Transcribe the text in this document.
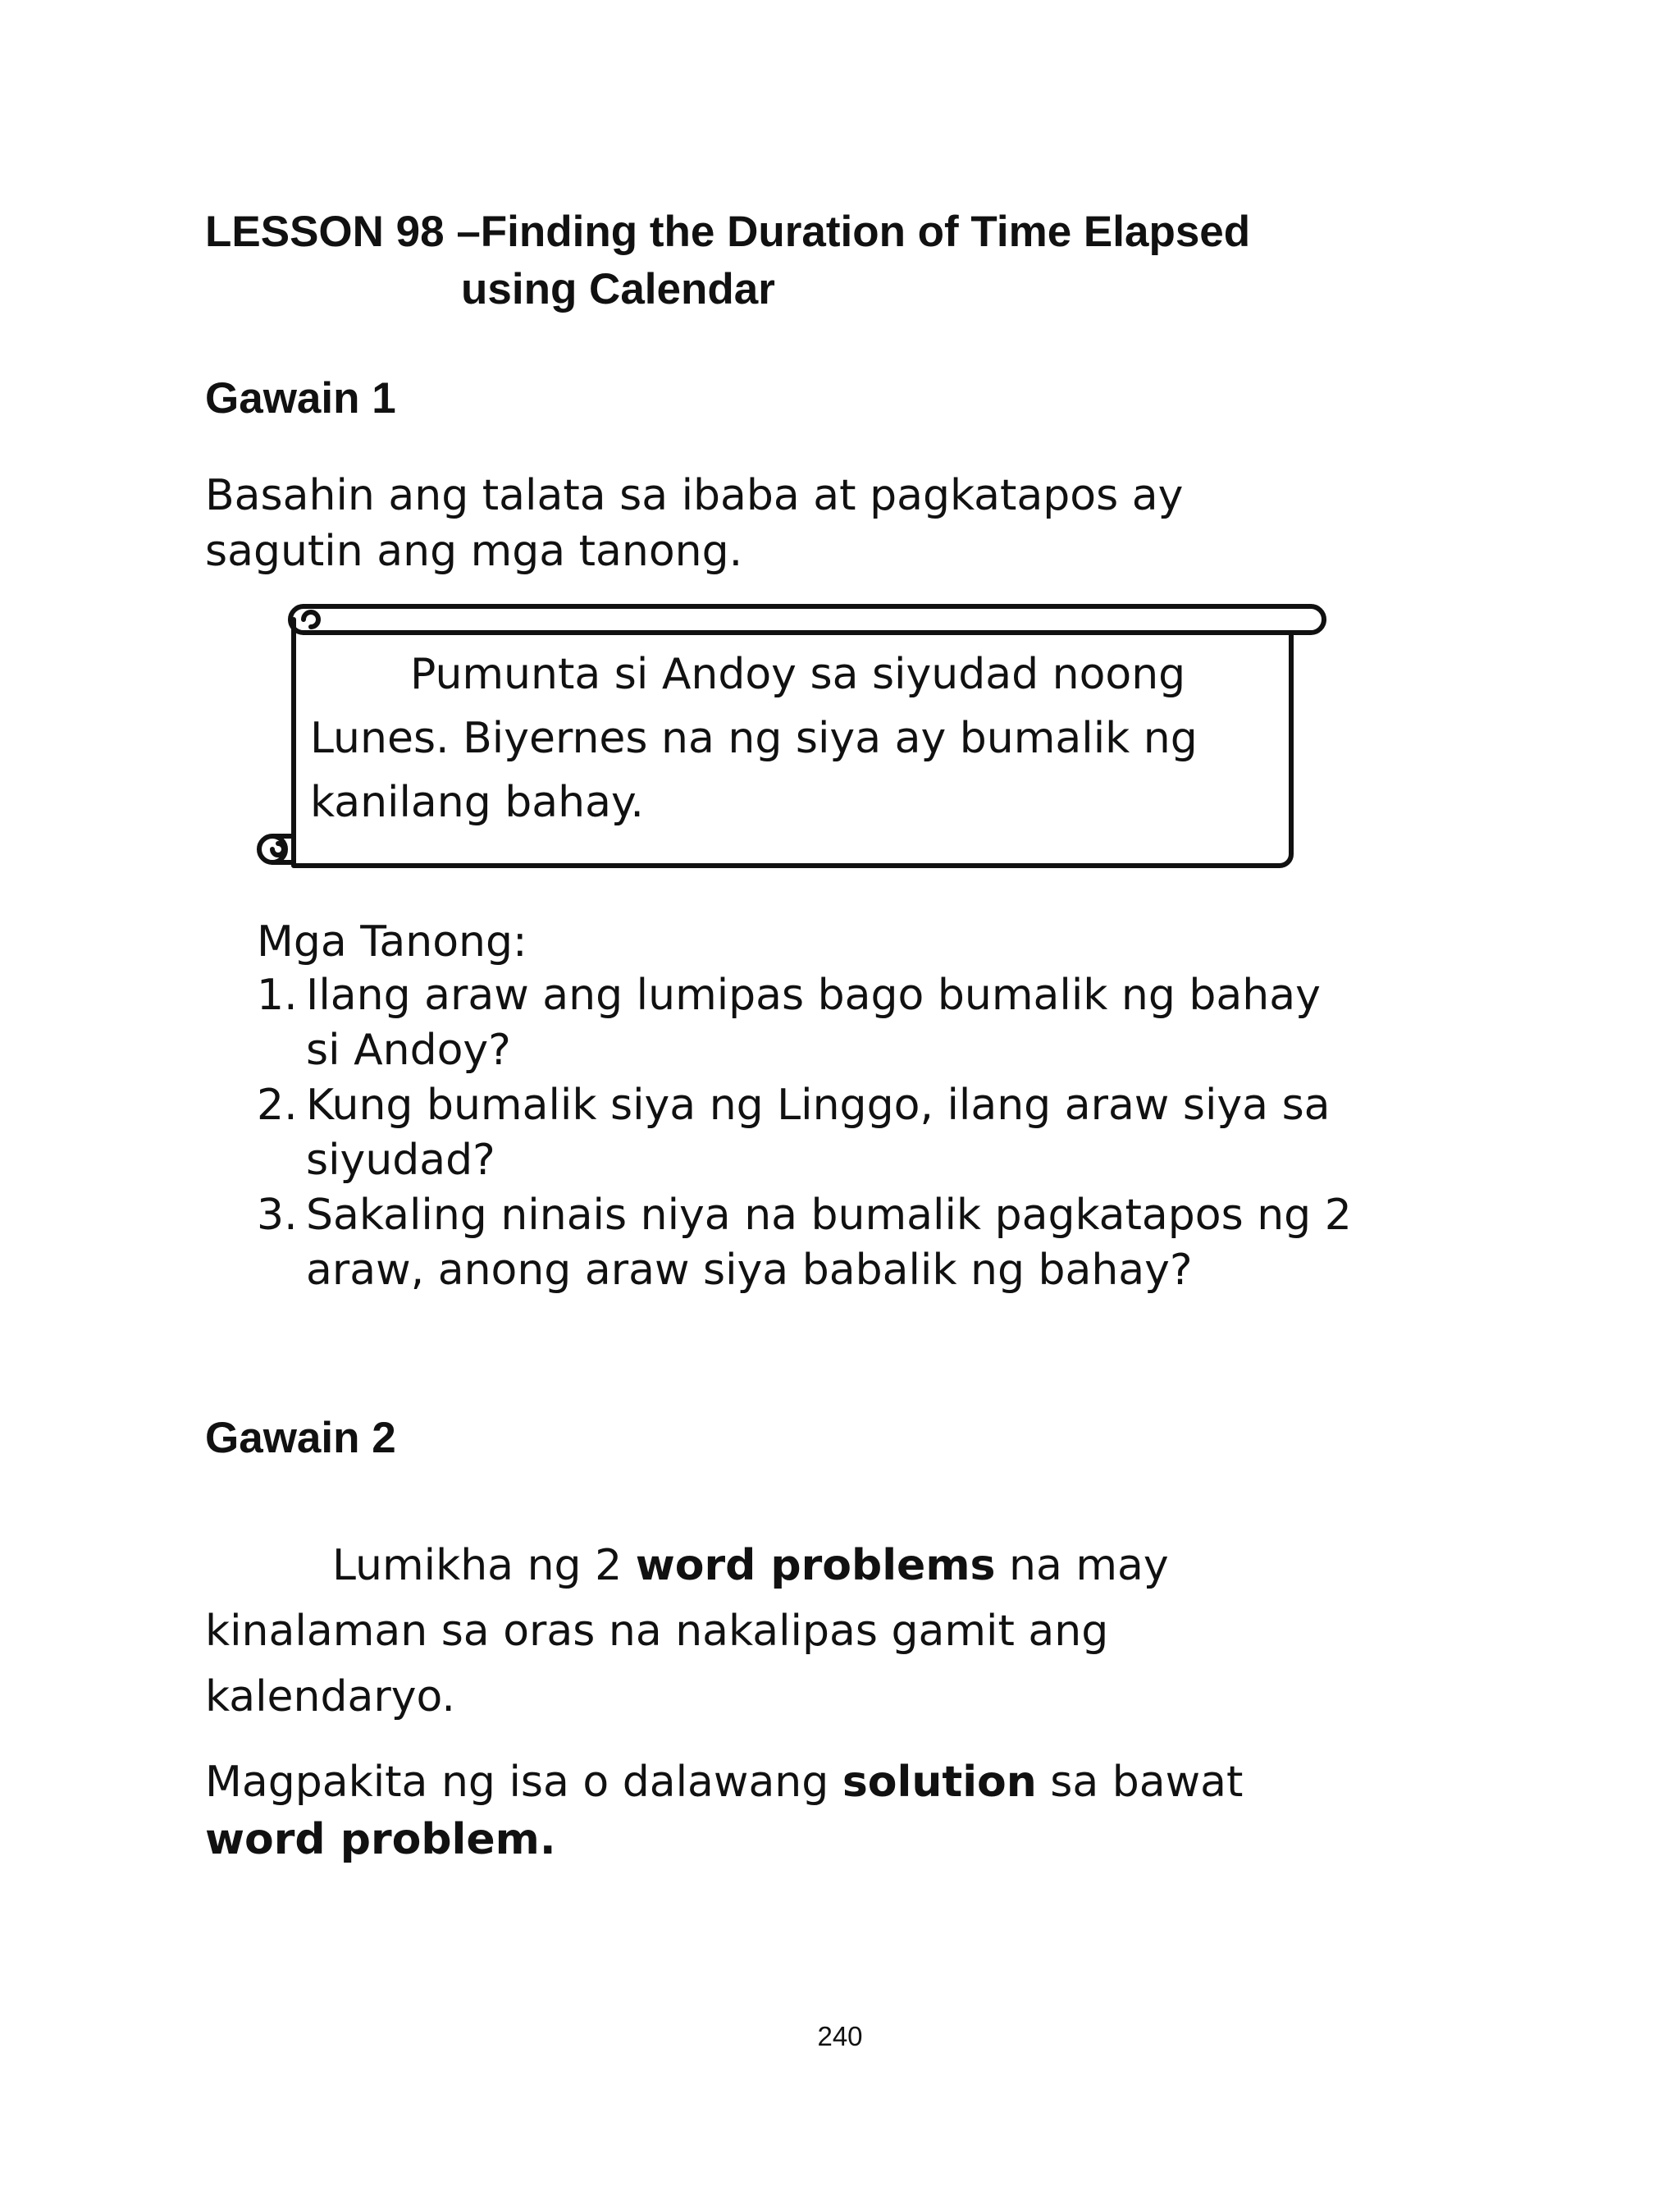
LESSON 98 –Finding the Duration of Time Elapsed
using Calendar
Gawain 1

Basahin ang talata sa ibaba at pagkatapos ay
sagutin ang mga tanong.

Pumunta si Andoy sa siyudad noong
Lunes. Biyernes na ng siya ay bumalik ng
kanilang bahay.

Mga Tanong:

1. Ilang araw ang lumipas bago bumalik ng bahay
si Andoy?
2. Kung bumalik siya ng Linggo, ilang araw siya sa
siyudad?
3. Sakaling ninais niya na bumalik pagkatapos ng 2
araw, anong araw siya babalik ng bahay?
Gawain 2

Lumikha ng 2 word problems na may
kinalaman sa oras na nakalipas gamit ang
kalendaryo.

Magpakita ng isa o dalawang solution sa bawat
word problem.

240
